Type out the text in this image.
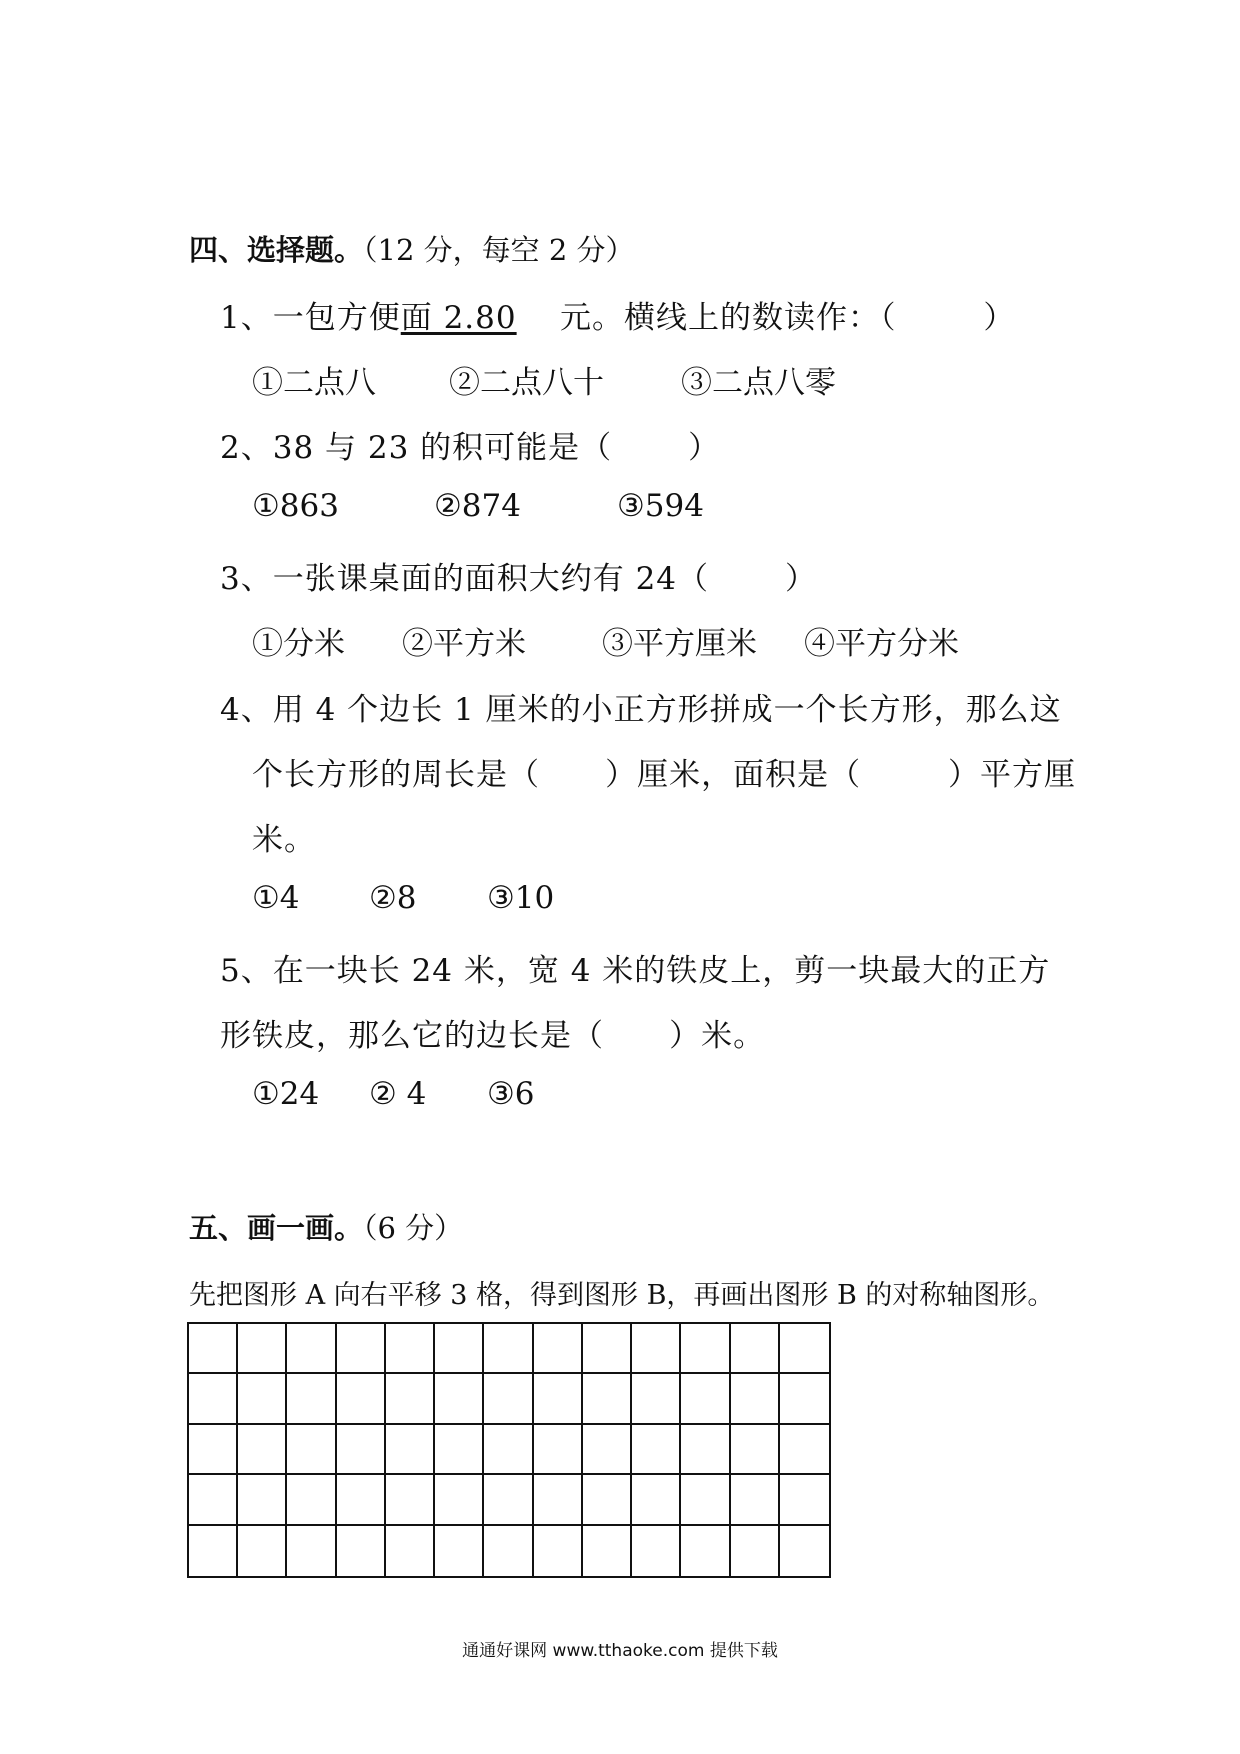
四、选择题。（12 分，每空 2 分）
1、一包方便面 2.80    元。横线上的数读作：（        ）
①二点八 ②二点八十 ③二点八零
2、38 与 23 的积可能是（       ）
①863	②874	③594
3、一张课桌面的面积大约有 24（       ）
①分米 ②平方米 ③平方厘米 ④平方分米
4、用 4 个边长 1 厘米的小正方形拼成一个长方形，那么这
个长方形的周长是（      ）厘米，面积是（        ）平方厘
米。
①4 ②8 ③10
5、在一块长 24 米，宽 4 米的铁皮上，剪一块最大的正方
形铁皮，那么它的边长是（      ）米。
①24 ② 4 ③6
五、画一画。（6 分）
先把图形 A 向右平移 3 格，得到图形 B，再画出图形 B 的对称轴图形。
通通好课网 www.tthaoke.com 提供下载
